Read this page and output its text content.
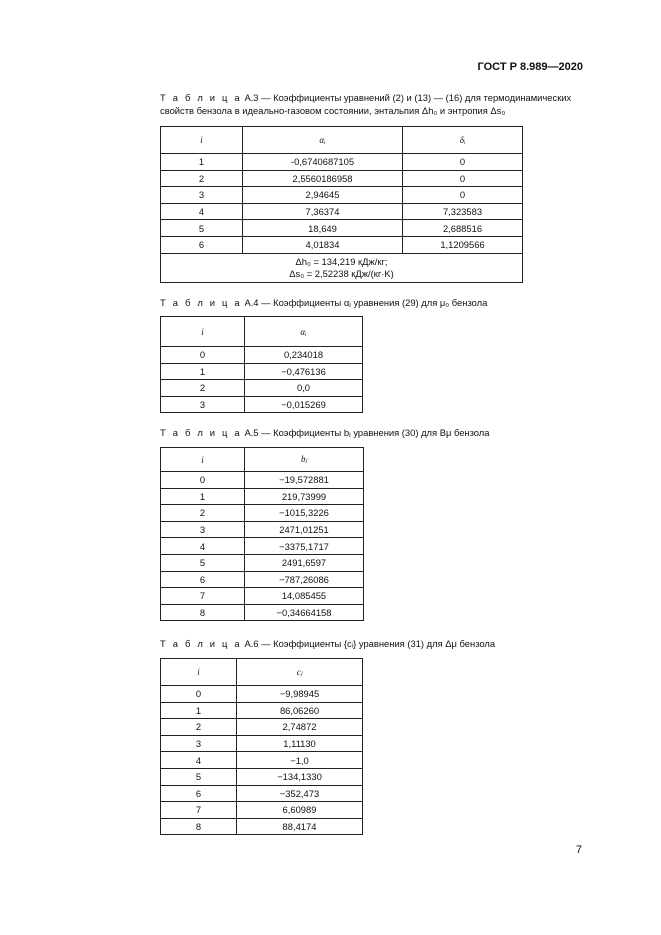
ГОСТ Р 8.989—2020
Т а б л и ц а А.3 — Коэффициенты уравнений (2) и (13) — (16) для термодинамических
свойств бензола в идеально-газовом состоянии, энтальпия Δh₀ и энтропия Δs₀
i	αᵢ	δᵢ
1	-0,6740687105	0
2	2,5560186958	0
3	2,94645	0
4	7,36374	7,323583
5	18,649	2,688516
6	4,01834	1,1209566

Δh₀ = 134,219 кДж/кг;
Δs₀ = 2,52238 кДж/(кг·K)		
Т а б л и ц а А.4 — Коэффициенты αⱼ уравнения (29) для μ₀ бензола
i	αᵢ
0	0,234018
1	−0,476136
2	0,0
3	−0,015269
Т а б л и ц а А.5 — Коэффициенты bⱼ уравнения (30) для Bμ бензола
i	bⱼ
0	−19,572881
1	219,73999
2	−1015,3226
3	2471,01251
4	−3375,1717
5	2491,6597
6	−787,26086
7	14,085455
8	−0,34664158
Т а б л и ц а А.6 — Коэффициенты {cᵢ} уравнения (31) для Δμ бензола
i	cⱼ
0	−9,98945
1	86,06260
2	2,74872
3	1,11130
4	−1,0
5	−134,1330
6	−352,473
7	6,60989
8	88,4174
7
